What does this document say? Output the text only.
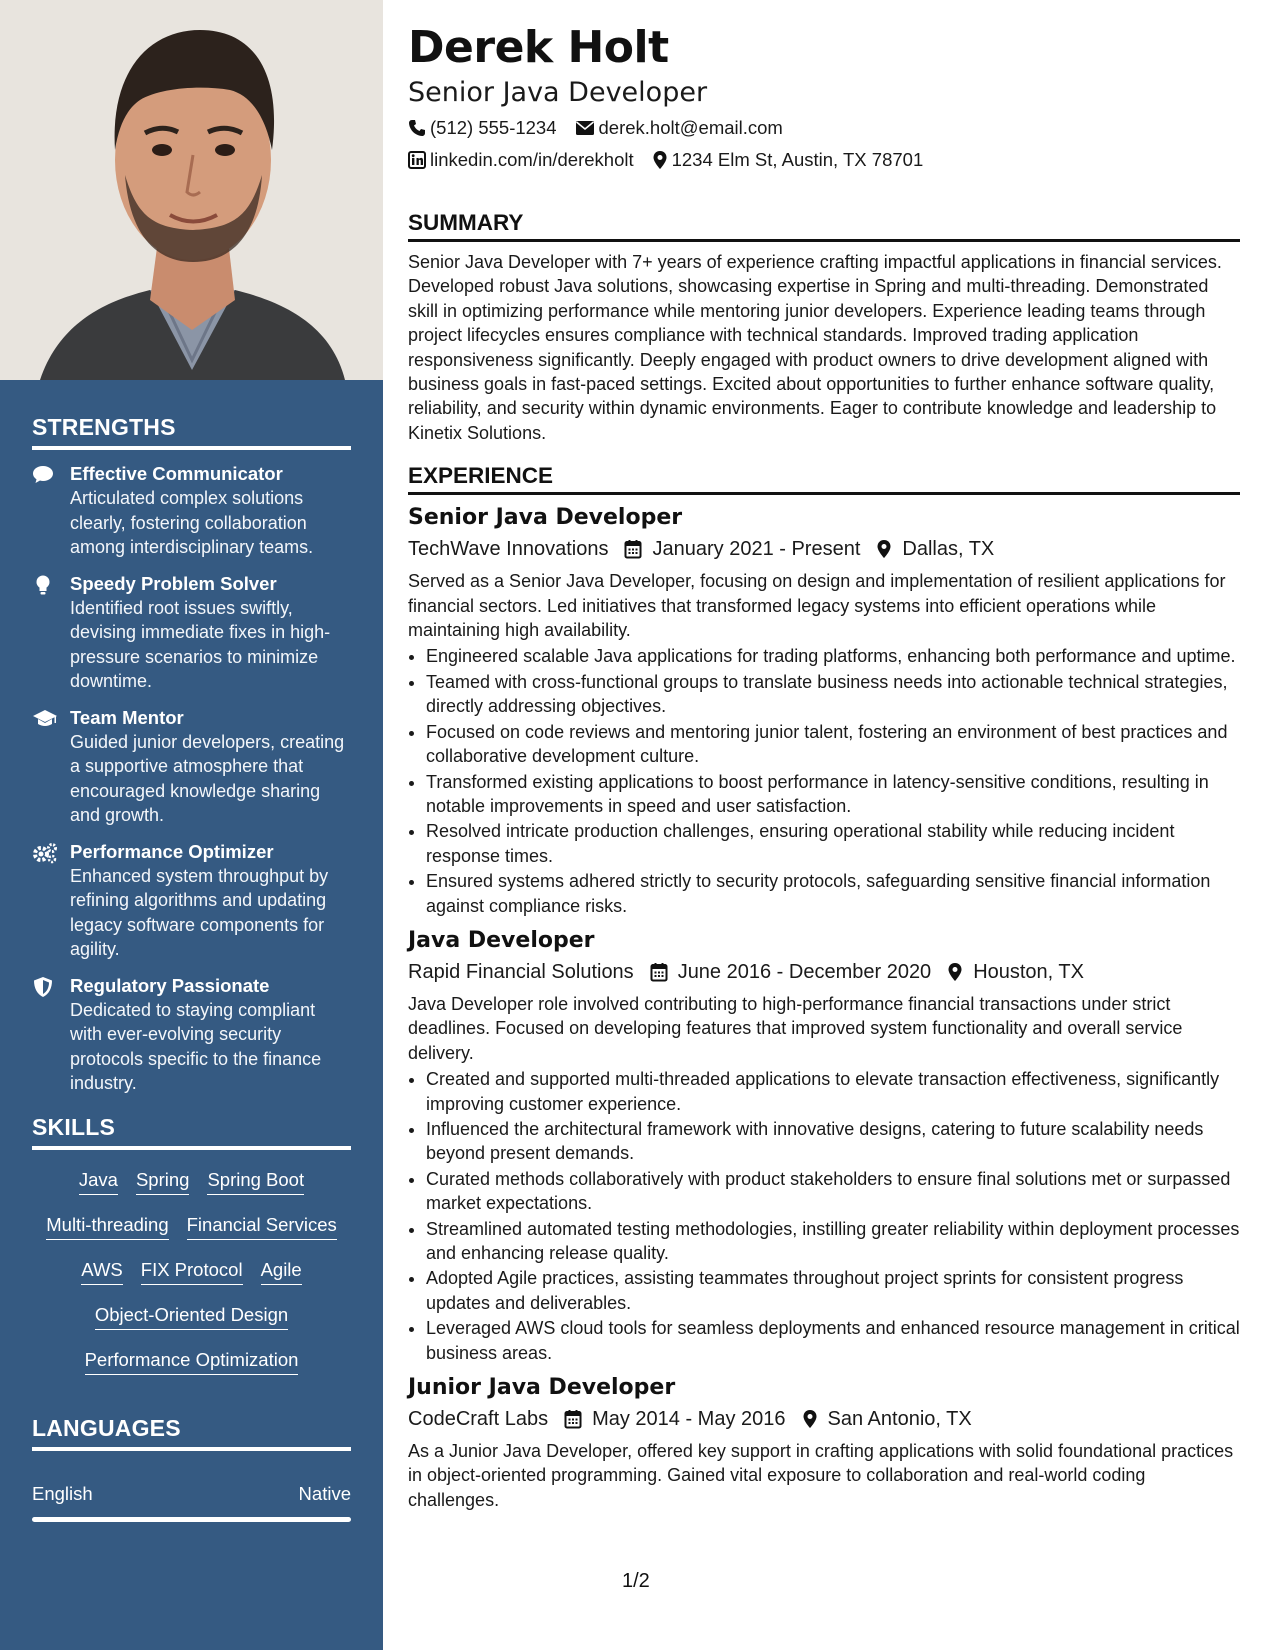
STRENGTHS
Effective Communicator
Articulated complex solutions clearly, fostering collaboration among interdisciplinary teams.
Speedy Problem Solver
Identified root issues swiftly, devising immediate fixes in high-pressure scenarios to minimize downtime.
Team Mentor
Guided junior developers, creating a supportive atmosphere that encouraged knowledge sharing and growth.
Performance Optimizer
Enhanced system throughput by refining algorithms and updating legacy software components for agility.
Regulatory Passionate
Dedicated to staying compliant with ever-evolving security protocols specific to the finance industry.
SKILLS
Java Spring Spring Boot
Multi-threading Financial Services
AWS FIX Protocol Agile
Object-Oriented Design
Performance Optimization
LANGUAGES
English	Native
Derek Holt
Senior Java Developer
(512) 555-1234 derek.holt@email.com
linkedin.com/in/derekholt 1234 Elm St, Austin, TX 78701
SUMMARY
Senior Java Developer with 7+ years of experience crafting impactful applications in financial services. Developed robust Java solutions, showcasing expertise in Spring and multi-threading. Demonstrated skill in optimizing performance while mentoring junior developers. Experience leading teams through project lifecycles ensures compliance with technical standards. Improved trading application responsiveness significantly. Deeply engaged with product owners to drive development aligned with business goals in fast-paced settings. Excited about opportunities to further enhance software quality, reliability, and security within dynamic environments. Eager to contribute knowledge and leadership to Kinetix Solutions.
EXPERIENCE
Senior Java Developer
TechWave Innovations January 2021 - Present Dallas, TX
Served as a Senior Java Developer, focusing on design and implementation of resilient applications for financial sectors. Led initiatives that transformed legacy systems into efficient operations while maintaining high availability.
• Engineered scalable Java applications for trading platforms, enhancing both performance and uptime.
• Teamed with cross-functional groups to translate business needs into actionable technical strategies, directly addressing objectives.
• Focused on code reviews and mentoring junior talent, fostering an environment of best practices and collaborative development culture.
• Transformed existing applications to boost performance in latency-sensitive conditions, resulting in notable improvements in speed and user satisfaction.
• Resolved intricate production challenges, ensuring operational stability while reducing incident response times.
• Ensured systems adhered strictly to security protocols, safeguarding sensitive financial information against compliance risks.
Java Developer
Rapid Financial Solutions June 2016 - December 2020 Houston, TX
Java Developer role involved contributing to high-performance financial transactions under strict deadlines. Focused on developing features that improved system functionality and overall service delivery.
• Created and supported multi-threaded applications to elevate transaction effectiveness, significantly improving customer experience.
• Influenced the architectural framework with innovative designs, catering to future scalability needs beyond present demands.
• Curated methods collaboratively with product stakeholders to ensure final solutions met or surpassed market expectations.
• Streamlined automated testing methodologies, instilling greater reliability within deployment processes and enhancing release quality.
• Adopted Agile practices, assisting teammates throughout project sprints for consistent progress updates and deliverables.
• Leveraged AWS cloud tools for seamless deployments and enhanced resource management in critical business areas.
Junior Java Developer
CodeCraft Labs May 2014 - May 2016 San Antonio, TX
As a Junior Java Developer, offered key support in crafting applications with solid foundational practices in object-oriented programming. Gained vital exposure to collaboration and real-world coding challenges.
1/2
